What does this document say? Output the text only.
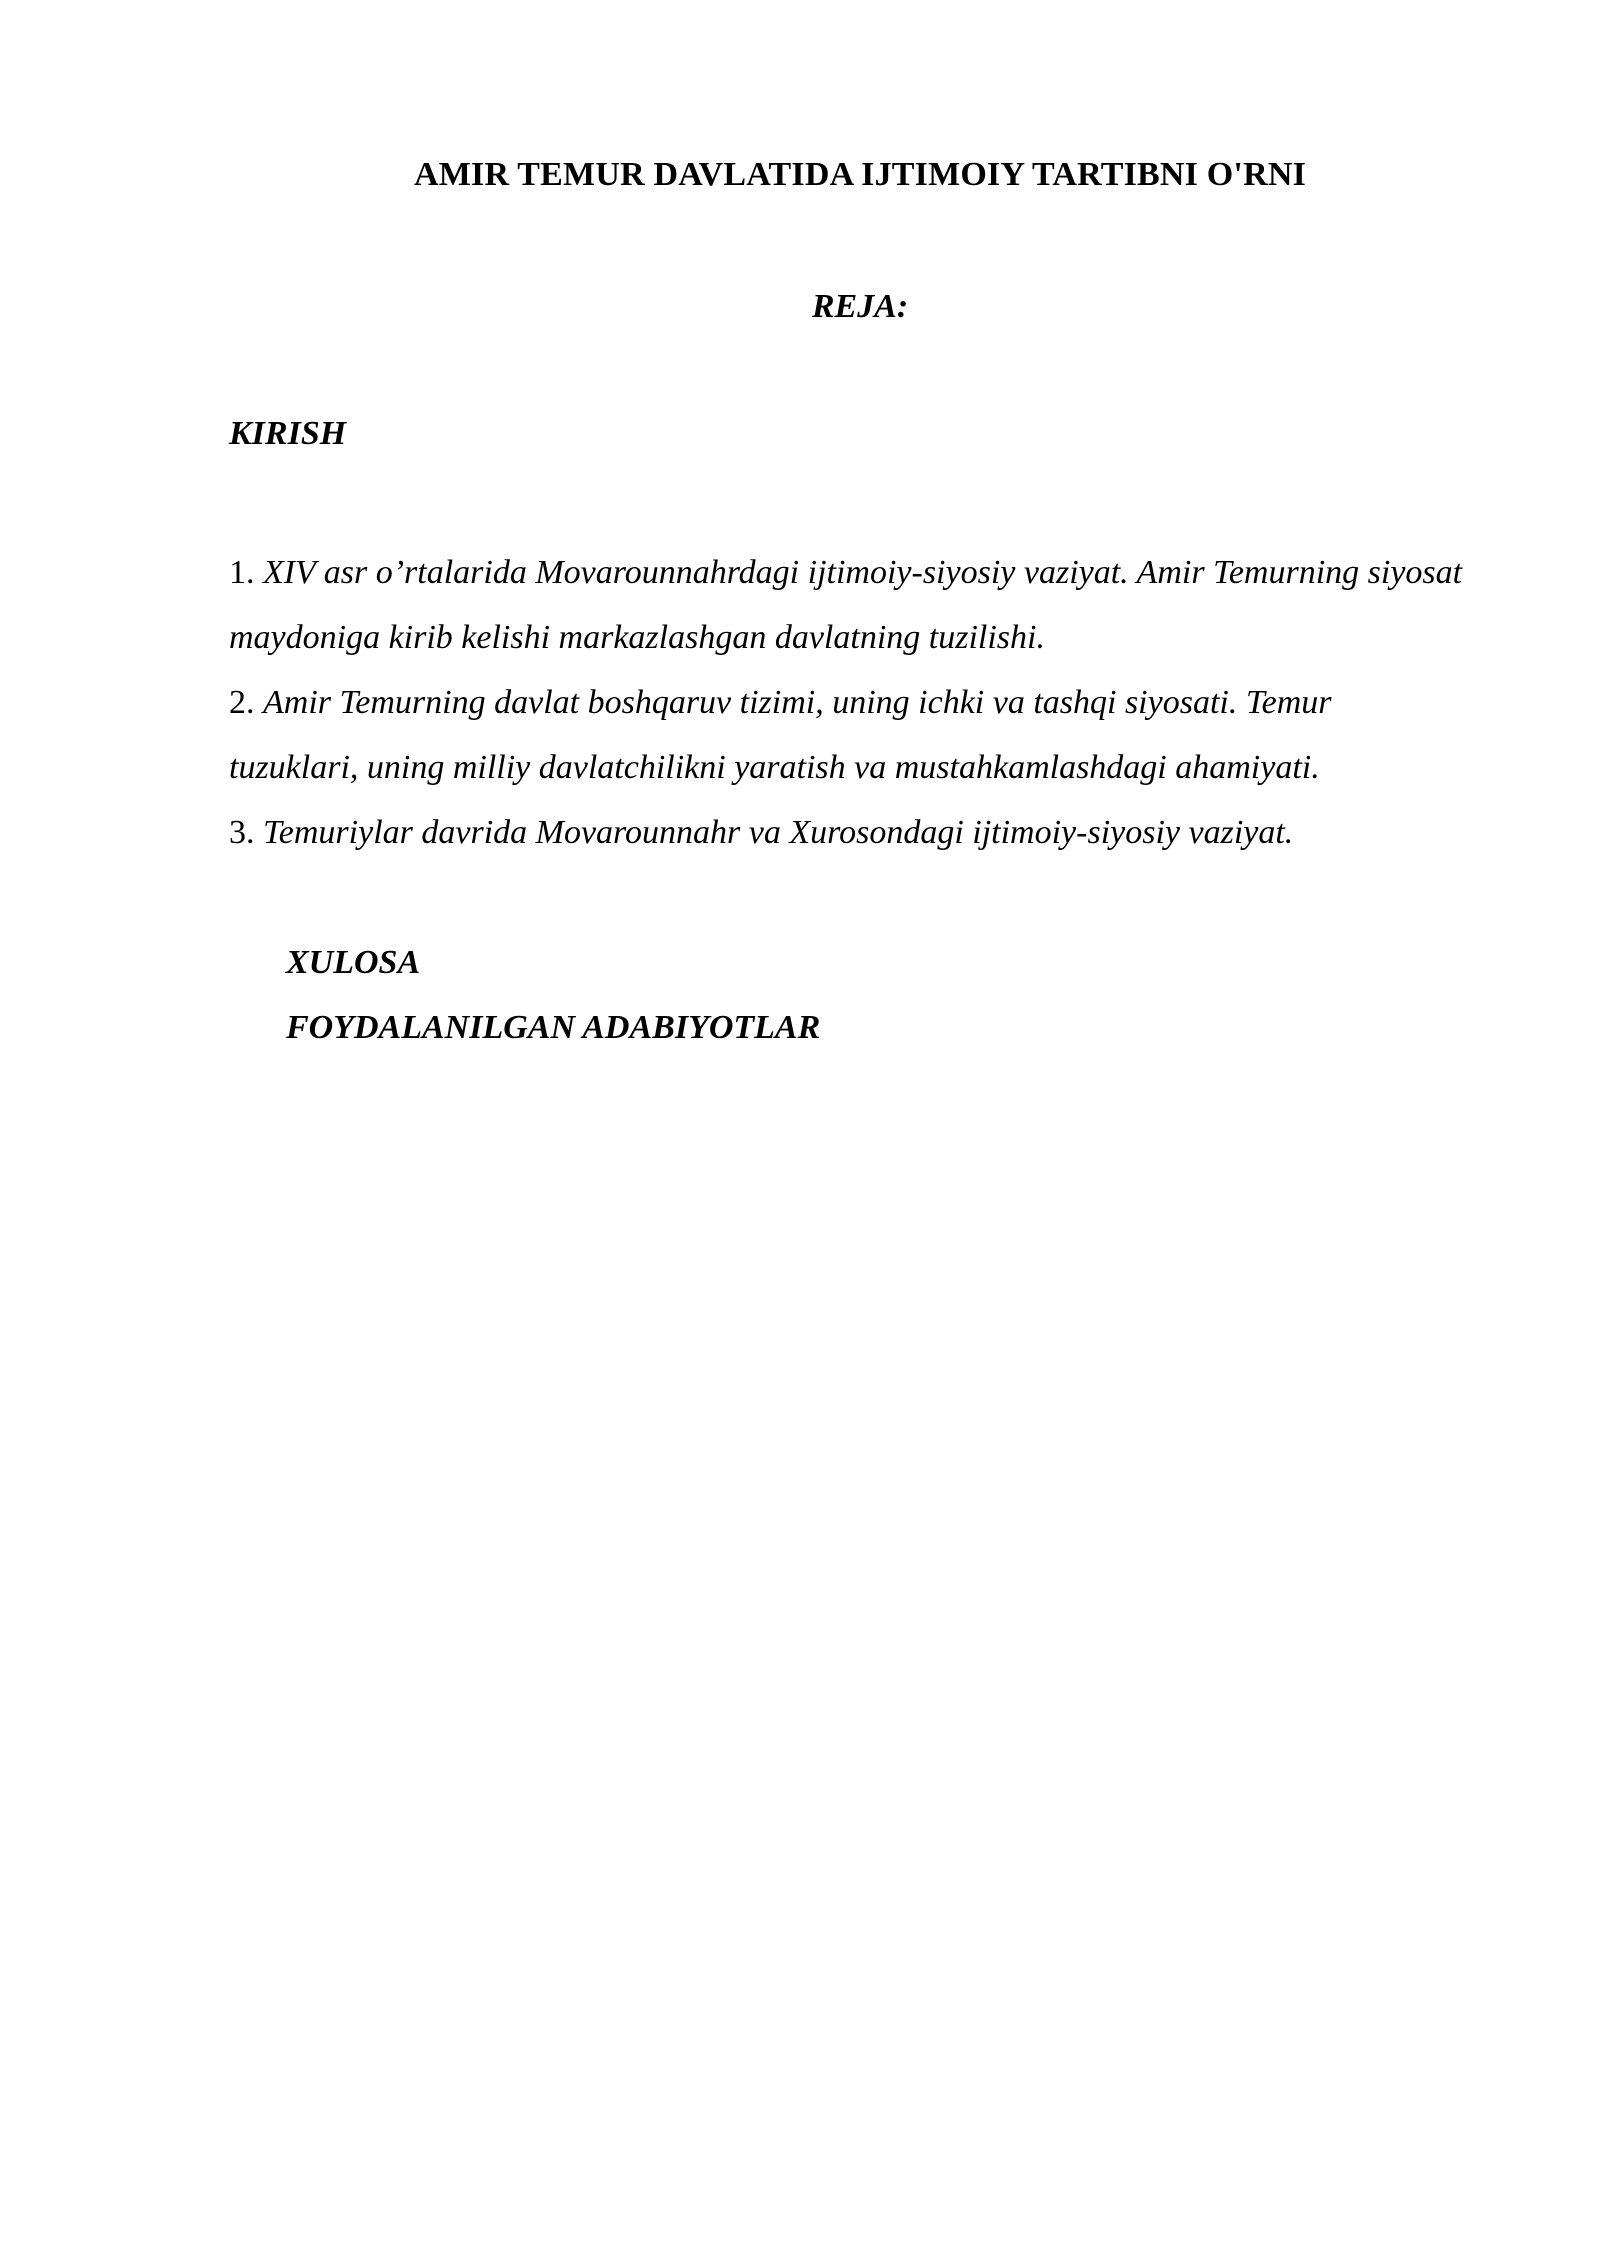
AMIR TEMUR DAVLATIDA IJTIMOIY TARTIBNI O'RNI
REJA:
KIRISH
1. XIV asr o’rtalarida Movarounnahrdagi ijtimoiy-siyosiy vaziyat. Amir Temurning siyosat maydoniga kirib kelishi markazlashgan davlatning tuzilishi.
2. Amir Temurning davlat boshqaruv tizimi, uning ichki va tashqi siyosati. Temur tuzuklari, uning milliy davlatchilikni yaratish va mustahkamlashdagi ahamiyati.
3. Temuriylar davrida Movarounnahr va Xurosondagi ijtimoiy-siyosiy vaziyat.
XULOSA
FOYDALANILGAN ADABIYOTLAR
